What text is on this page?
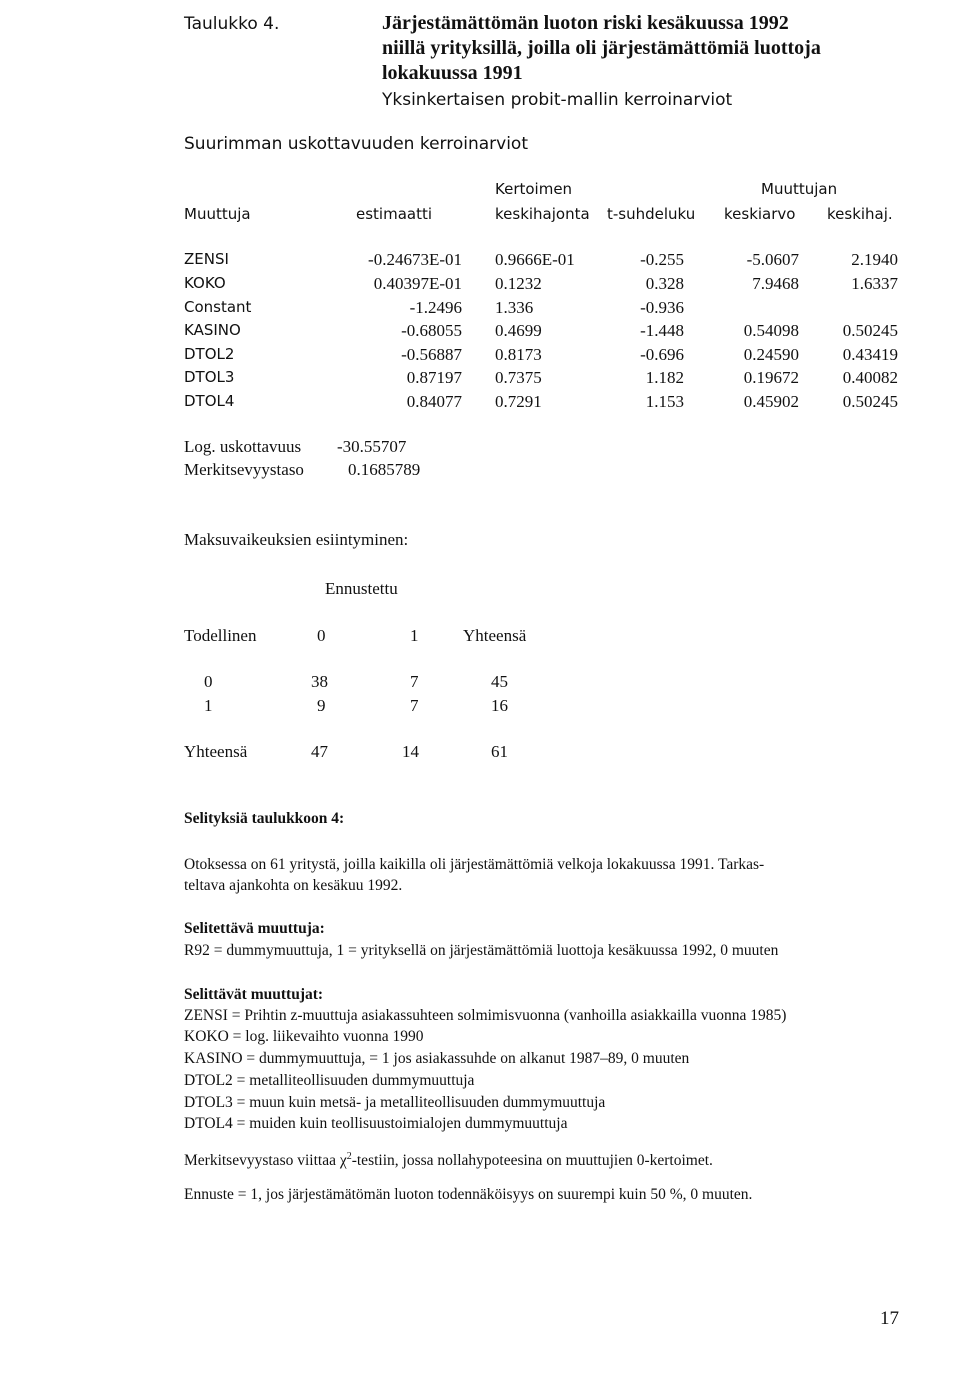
Taulukko 4.	Järjestämättömän luoton riski kesäkuussa 1992
niillä yrityksillä, joilla oli järjestämättömiä luottoja
lokakuussa 1991
Yksinkertaisen probit-mallin kerroinarviot
Suurimman uskottavuuden kerroinarviot
Kertoimen	Muuttujan
Muuttuja	estimaatti	keskihajonta t-suhdeluku keskiarvo keskihaj.
ZENSI	-0.24673E-01 0.9666E-01	-0.255	-5.0607	2.1940
KOKO	0.40397E-01 0.1232	0.328	7.9468	1.6337
Constant	-1.2496 1.336	-0.936
KASINO	-0.68055 0.4699	-1.448	0.54098	0.50245
DTOL2	-0.56887 0.8173	-0.696	0.24590	0.43419
DTOL3	0.87197 0.7375	1.182	0.19672	0.40082
DTOL4	0.84077 0.7291	1.153	0.45902	0.50245
Log. uskottavuus -30.55707
Merkitsevyystaso	0.1685789
Maksuvaikeuksien esiintyminen:
Ennustettu
Todellinen	0	1	Yhteensä
0	38	7	45
1	9	7	16
Yhteensä	47	14	61
Selityksiä taulukkoon 4:
Otoksessa on 61 yritystä, joilla kaikilla oli järjestämättömiä velkoja lokakuussa 1991. Tarkas-
teltava ajankohta on kesäkuu 1992.
Selitettävä muuttuja:
R92 = dummymuuttuja, 1 = yrityksellä on järjestämättömiä luottoja kesäkuussa 1992, 0 muuten
Selittävät muuttujat:
ZENSI = Prihtin z-muuttuja asiakassuhteen solmimisvuonna (vanhoilla asiakkailla vuonna 1985)
KOKO = log. liikevaihto vuonna 1990
KASINO = dummymuuttuja, = 1 jos asiakassuhde on alkanut 1987–89, 0 muuten
DTOL2 = metalliteollisuuden dummymuuttuja
DTOL3 = muun kuin metsä- ja metalliteollisuuden dummymuuttuja
DTOL4 = muiden kuin teollisuustoimialojen dummymuuttuja
Merkitsevyystaso viittaa $\chi^2$-testiin, jossa nollahypoteesina on muuttujien 0-kertoimet.
Ennuste = 1, jos järjestämätömän luoton todennäköisyys on suurempi kuin 50 %, 0 muuten.
17
